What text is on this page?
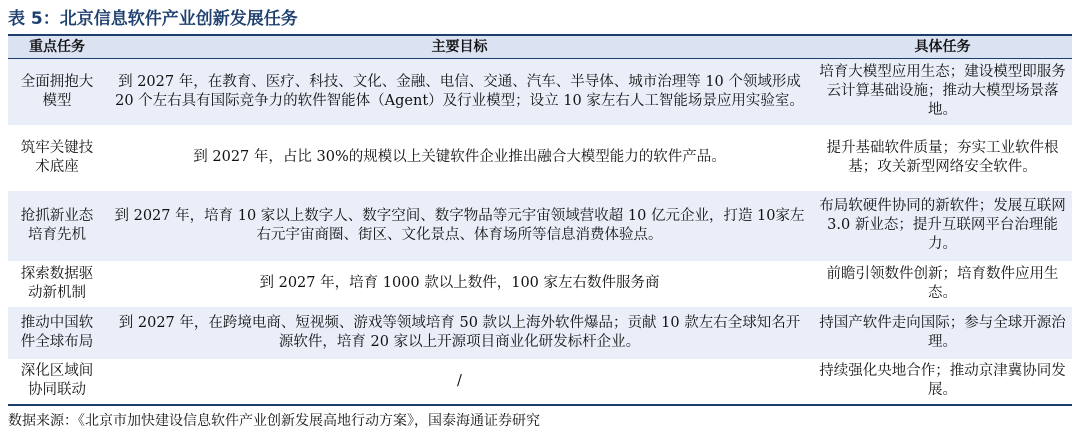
表 5：北京信息软件产业创新发展任务
重点任务	主要目标	具体任务
全面拥抱大模型	到 2027 年，在教育、医疗、科技、文化、金融、电信、交通、汽车、半导体、城市治理等 10 个领域形成 20 个左右具有国际竞争力的软件智能体（Agent）及行业模型；设立 10 家左右人工智能场景应用实验室。	培育大模型应用生态；建设模型即服务云计算基础设施；推动大模型场景落地。
筑牢关键技术底座	到 2027 年，占比 30%的规模以上关键软件企业推出融合大模型能力的软件产品。	提升基础软件质量；夯实工业软件根基；攻关新型网络安全软件。
抢抓新业态培育先机	到 2027 年，培育 10 家以上数字人、数字空间、数字物品等元宇宙领域营收超 10 亿元企业，打造 10家左右元宇宙商圈、街区、文化景点、体育场所等信息消费体验点。	布局软硬件协同的新软件；发展互联网 3.0 新业态；提升互联网平台治理能力。
探索数据驱动新机制	到 2027 年，培育 1000 款以上数件，100 家左右数件服务商	前瞻引领数件创新；培育数件应用生态。
推动中国软件全球布局	到 2027 年，在跨境电商、短视频、游戏等领域培育 50 款以上海外软件爆品；贡献 10 款左右全球知名开源软件，培育 20 家以上开源项目商业化研发标杆企业。	持国产软件走向国际；参与全球开源治理。
深化区域间协同联动	/	持续强化央地合作；推动京津冀协同发展。
数据来源：《北京市加快建设信息软件产业创新发展高地行动方案》，国泰海通证券研究
